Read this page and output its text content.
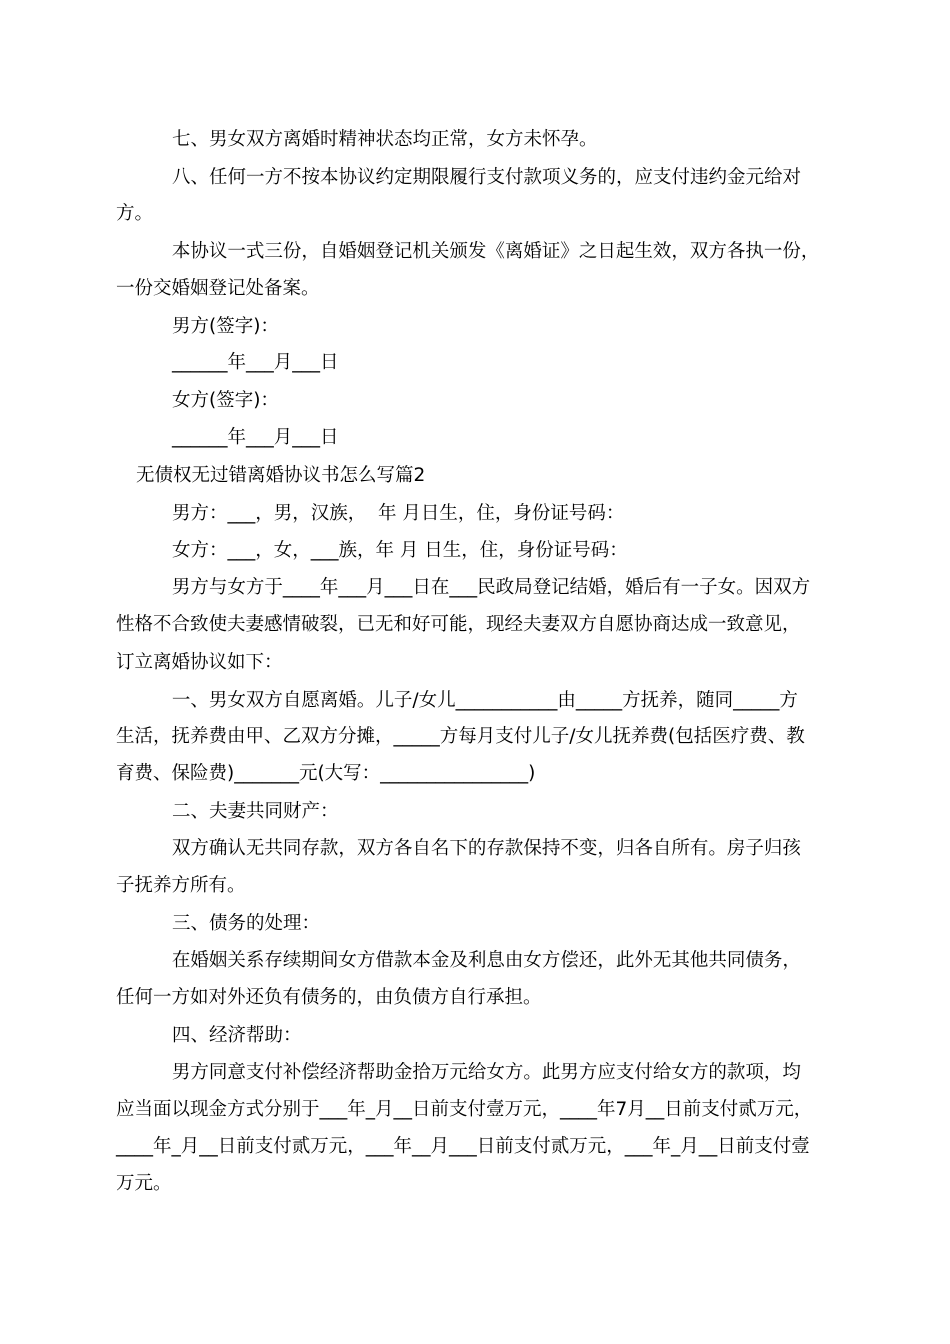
七、男女双方离婚时精神状态均正常，女方未怀孕。
八、任何一方不按本协议约定期限履行支付款项义务的，应支付违约金元给对
方。
本协议一式三份，自婚姻登记机关颁发《离婚证》之日起生效，双方各执一份，
一份交婚姻登记处备案。
男方(签字)：
______年___月___日
女方(签字)：
______年___月___日
无债权无过错离婚协议书怎么写篇2
男方：___，男，汉族，  年 月日生，住，身份证号码：
女方：___，女，___族，年 月 日生，住，身份证号码：
男方与女方于____年___月___日在___民政局登记结婚，婚后有一子女。因双方
性格不合致使夫妻感情破裂，已无和好可能，现经夫妻双方自愿协商达成一致意见，
订立离婚协议如下：
一、男女双方自愿离婚。儿子/女儿___________由_____方抚养，随同_____方
生活，抚养费由甲、乙双方分摊，_____方每月支付儿子/女儿抚养费(包括医疗费、教
育费、保险费)_______元(大写：________________)
二、夫妻共同财产：
双方确认无共同存款，双方各自名下的存款保持不变，归各自所有。房子归孩
子抚养方所有。
三、债务的处理：
在婚姻关系存续期间女方借款本金及利息由女方偿还，此外无其他共同债务，
任何一方如对外还负有债务的，由负债方自行承担。
四、经济帮助：
男方同意支付补偿经济帮助金拾万元给女方。此男方应支付给女方的款项，均
应当面以现金方式分别于___年_月__日前支付壹万元，____年7月__日前支付贰万元，
____年_月__日前支付贰万元，___年__月___日前支付贰万元，___年_月__日前支付壹
万元。
